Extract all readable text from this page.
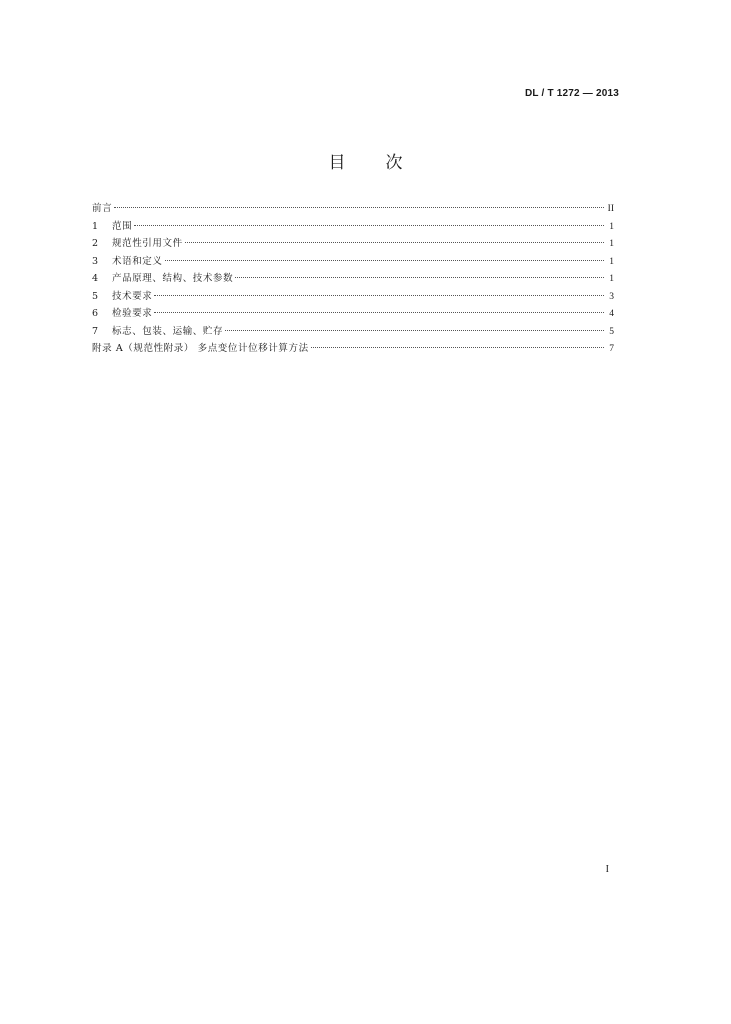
DL / T 1272 — 2013
目次
前言	II
1	范围	1
2	规范性引用文件	1
3	术语和定义	1
4	产品原理、结构、技术参数	1
5	技术要求	3
6	检验要求	4
7	标志、包装、运输、贮存	5
附录 A（规范性附录） 多点变位计位移计算方法	7
I
